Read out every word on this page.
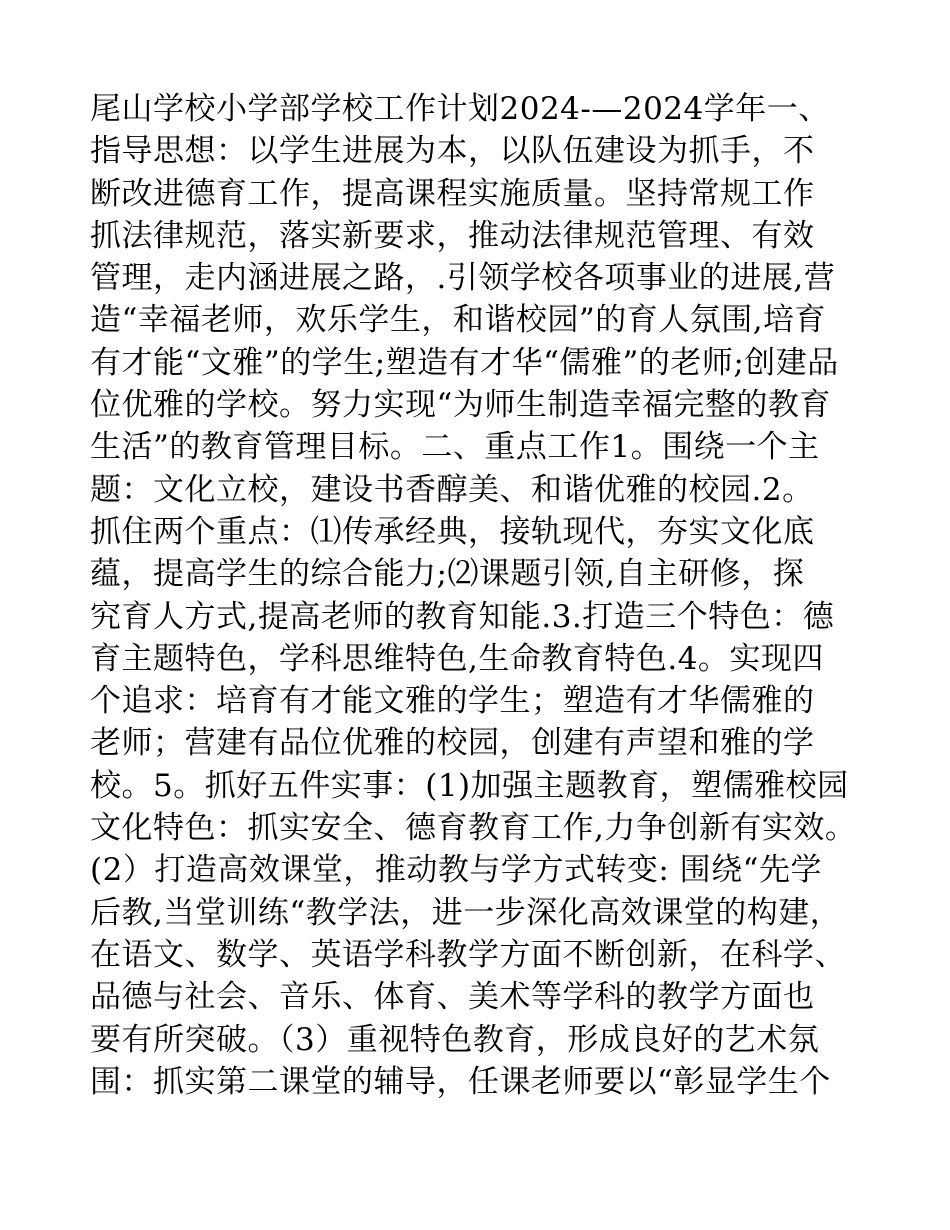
尾山学校小学部学校工作计划2024-—2024学年一、
指导思想：以学生进展为本，以队伍建设为抓手，不
断改进德育工作，提高课程实施质量。坚持常规工作
抓法律规范，落实新要求，推动法律规范管理、有效
管理，走内涵进展之路，.引领学校各项事业的进展,营
造“幸福老师，欢乐学生，和谐校园”的育人氛围,培育
有才能“文雅”的学生;塑造有才华“儒雅”的老师;创建品
位优雅的学校。努力实现“为师生制造幸福完整的教育
生活”的教育管理目标。二、重点工作1。围绕一个主
题：文化立校，建设书香醇美、和谐优雅的校园.2。
抓住两个重点：⑴传承经典，接轨现代，夯实文化底
蕴，提高学生的综合能力;⑵课题引领,自主研修，探
究育人方式,提高老师的教育知能.3.打造三个特色：德
育主题特色，学科思维特色,生命教育特色.4。实现四
个追求：培育有才能文雅的学生；塑造有才华儒雅的
老师；营建有品位优雅的校园，创建有声望和雅的学
校。5。抓好五件实事：(1)加强主题教育，塑儒雅校园
文化特色：抓实安全、德育教育工作,力争创新有实效。
(2）打造高效课堂，推动教与学方式转变: 围绕“先学
后教,当堂训练“教学法，进一步深化高效课堂的构建，
在语文、数学、英语学科教学方面不断创新，在科学、
品德与社会、音乐、体育、美术等学科的教学方面也
要有所突破。（3）重视特色教育，形成良好的艺术氛
围：抓实第二课堂的辅导，任课老师要以“彰显学生个
